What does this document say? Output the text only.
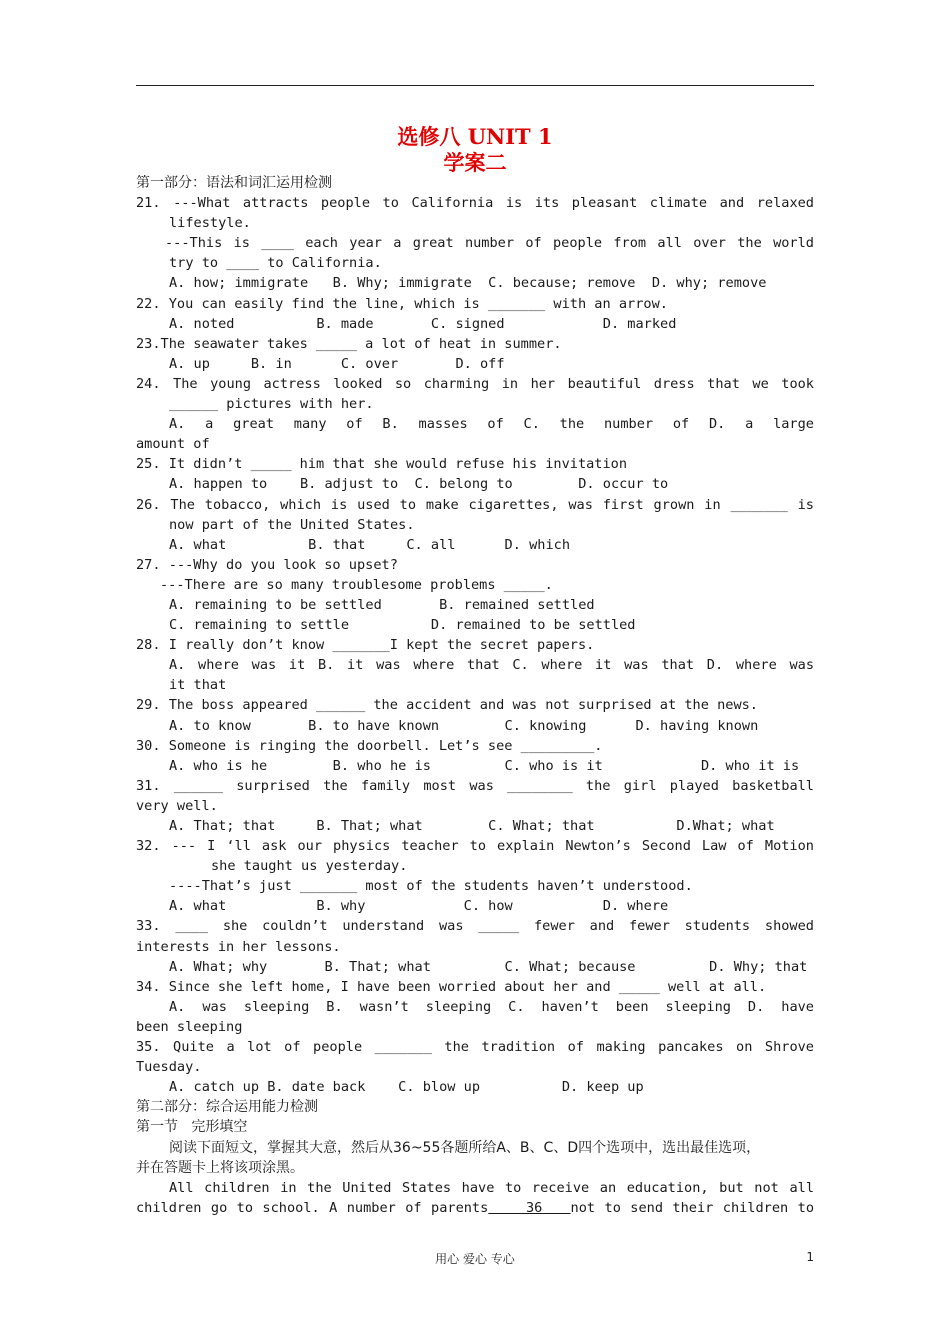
选修八 UNIT 1
学案二
第一部分：语法和词汇运用检测
21. ---What attracts people to California is its pleasant climate and relaxed
lifestyle.
---This is ____ each year a great number of people from all over the world
try to ____ to California.
A. how; immigrate   B. Why; immigrate  C. because; remove  D. why; remove
22. You can easily find the line, which is _______ with an arrow.
A. noted          B. made       C. signed            D. marked
23.The seawater takes _____ a lot of heat in summer.
A. up     B. in      C. over       D. off
24. The young actress looked so charming in her beautiful dress that we took
______ pictures with her.
A. a great many of B. masses of C. the number of D. a large
amount of
25. It didn’t _____ him that she would refuse his invitation
A. happen to    B. adjust to  C. belong to        D. occur to
26. The tobacco, which is used to make cigarettes, was first grown in _______ is
now part of the United States.
A. what          B. that     C. all      D. which
27. ---Why do you look so upset?
---There are so many troublesome problems _____.
A. remaining to be settled       B. remained settled
C. remaining to settle          D. remained to be settled
28. I really don’t know _______I kept the secret papers.
A. where was it B. it was where that C. where it was that D. where was
it that
29. The boss appeared ______ the accident and was not surprised at the news.
A. to know       B. to have known        C. knowing      D. having known
30. Someone is ringing the doorbell. Let’s see _________.
A. who is he        B. who he is         C. who is it            D. who it is
31. ______ surprised the family most was ________ the girl played basketball
very well.
A. That; that     B. That; what        C. What; that          D.What; what
32. --- I ‘ll ask our physics teacher to explain Newton’s Second Law of Motion
she taught us yesterday.
----That’s just _______ most of the students haven’t understood.
A. what           B. why            C. how           D. where
33. ____ she couldn’t understand was _____ fewer and fewer students showed
interests in her lessons.
A. What; why       B. That; what         C. What; because         D. Why; that
34. Since she left home, I have been worried about her and _____ well at all.
A. was sleeping B. wasn’t sleeping C. haven’t been sleeping D. have
been sleeping
35. Quite a lot of people _______ the tradition of making pancakes on Shrove
Tuesday.
A. catch up B. date back    C. blow up          D. keep up
第二部分：综合运用能力检测
第一节   完形填空
阅读下面短文，掌握其大意，然后从36~55各题所给A、B、C、D四个选项中，选出最佳选项，
并在答题卡上将该项涂黑。
All children in the United States have to receive an education, but not all
children go to school. A number of parents    36   not to send their children to
用心 爱心 专心	1
